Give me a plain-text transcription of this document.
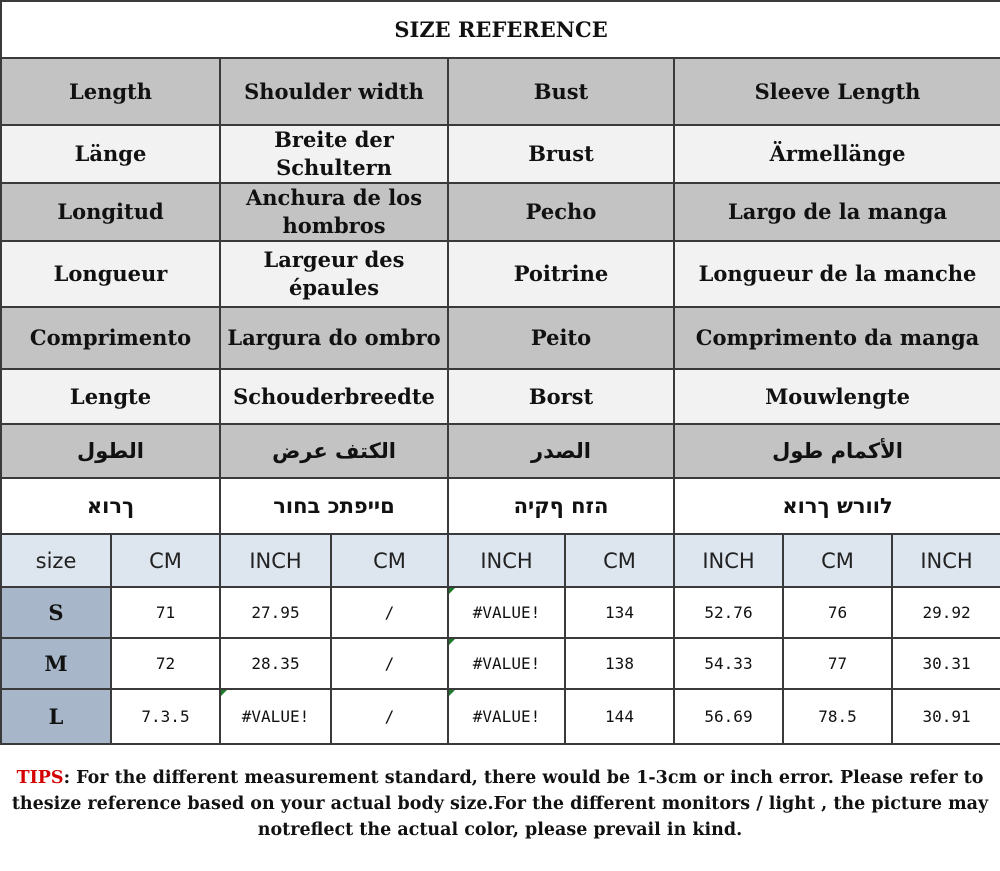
SIZE REFERENCE								
Length		Shoulder width		Bust		Sleeve Length		
Länge		Breite der Schultern		Brust		Ärmellänge		
Longitud		Anchura de los hombros		Pecho		Largo de la manga		
Longueur		Largeur des épaules		Poitrine		Longueur de la manche		
Comprimento		Largura do ombro		Peito		Comprimento da manga		
Lengte		Schouderbreedte		Borst		Mouwlengte		
الطول		الكتف عرض		الصدر		الأكمام طول		
ךרוא		םייפתכ בחור		הזח ףקיה		לוורש ךרוא		
size	CM	INCH	CM	INCH	CM	INCH	CM	INCH
S	71	27.95	/	#VALUE!	134	52.76	76	29.92
M	72	28.35	/	#VALUE!	138	54.33	77	30.31
L	7.3.5	#VALUE!	/	#VALUE!	144	56.69	78.5	30.91
TIPS: For the different measurement standard, there would be 1-3cm or inch error. Please refer to thesize reference based on your actual body size.For the different monitors / light , the picture may notreflect the actual color, please prevail in kind.
